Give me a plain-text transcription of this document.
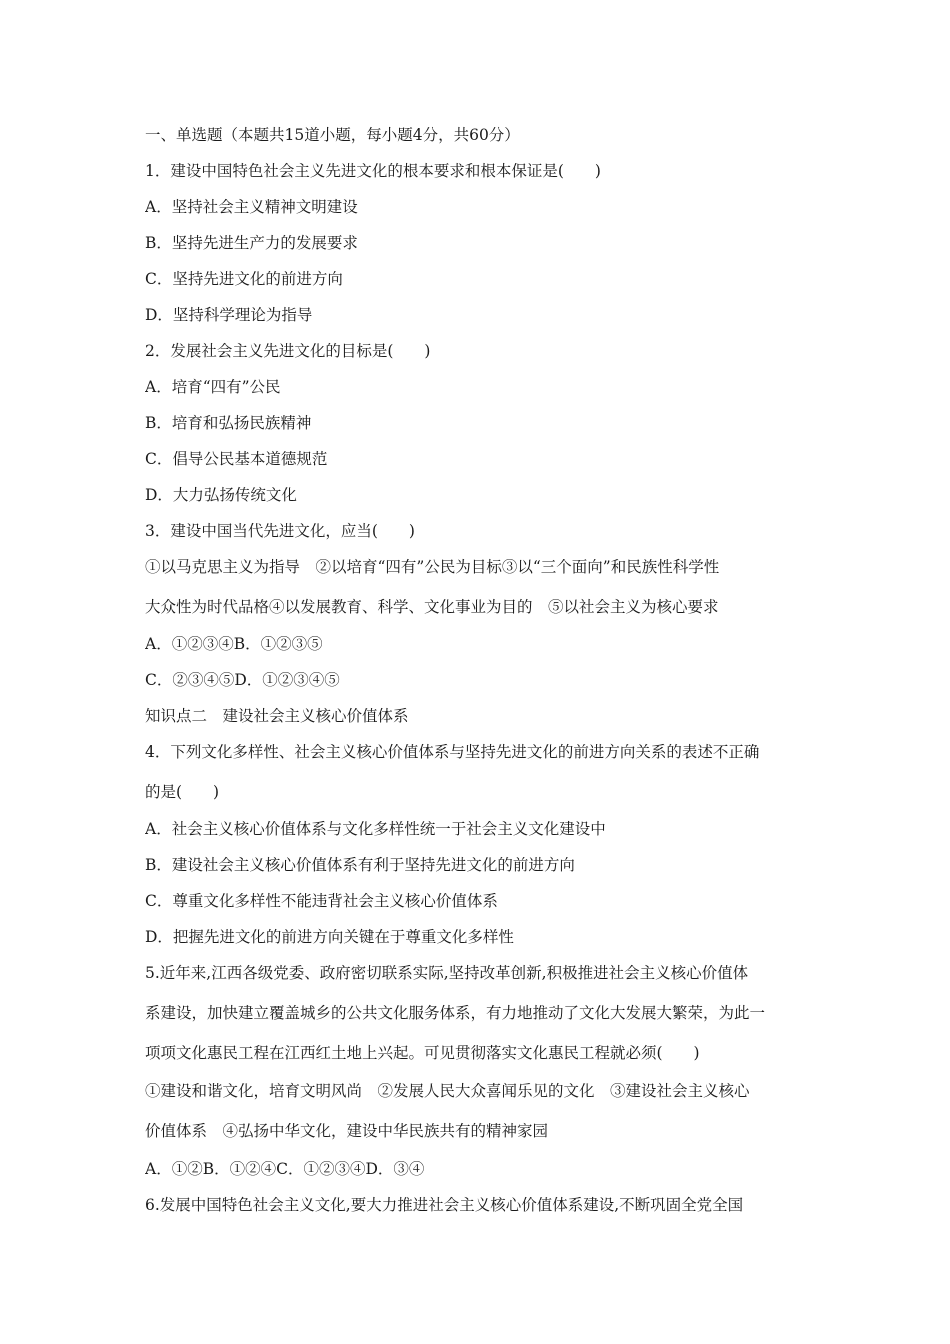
一、单选题（本题共15道小题，每小题4分，共60分）
1．建设中国特色社会主义先进文化的根本要求和根本保证是(　　)
A．坚持社会主义精神文明建设
B．坚持先进生产力的发展要求
C．坚持先进文化的前进方向
D．坚持科学理论为指导
2．发展社会主义先进文化的目标是(　　)
A．培育“四有”公民
B．培育和弘扬民族精神
C．倡导公民基本道德规范
D．大力弘扬传统文化
3．建设中国当代先进文化，应当(　　)
①以马克思主义为指导　②以培育“四有”公民为目标③以“三个面向”和民族性科学性
大众性为时代品格④以发展教育、科学、文化事业为目的　⑤以社会主义为核心要求
A．①②③④B．①②③⑤
C．②③④⑤D．①②③④⑤
知识点二　建设社会主义核心价值体系
4．下列文化多样性、社会主义核心价值体系与坚持先进文化的前进方向关系的表述不正确
的是(　　)
A．社会主义核心价值体系与文化多样性统一于社会主义文化建设中
B．建设社会主义核心价值体系有利于坚持先进文化的前进方向
C．尊重文化多样性不能违背社会主义核心价值体系
D．把握先进文化的前进方向关键在于尊重文化多样性
5.近年来,江西各级党委、政府密切联系实际,坚持改革创新,积极推进社会主义核心价值体
系建设，加快建立覆盖城乡的公共文化服务体系，有力地推动了文化大发展大繁荣，为此一
项项文化惠民工程在江西红土地上兴起。可见贯彻落实文化惠民工程就必须(　　)
①建设和谐文化，培育文明风尚　②发展人民大众喜闻乐见的文化　③建设社会主义核心
价值体系　④弘扬中华文化，建设中华民族共有的精神家园
A．①②B．①②④C．①②③④D．③④
6.发展中国特色社会主义文化,要大力推进社会主义核心价值体系建设,不断巩固全党全国
